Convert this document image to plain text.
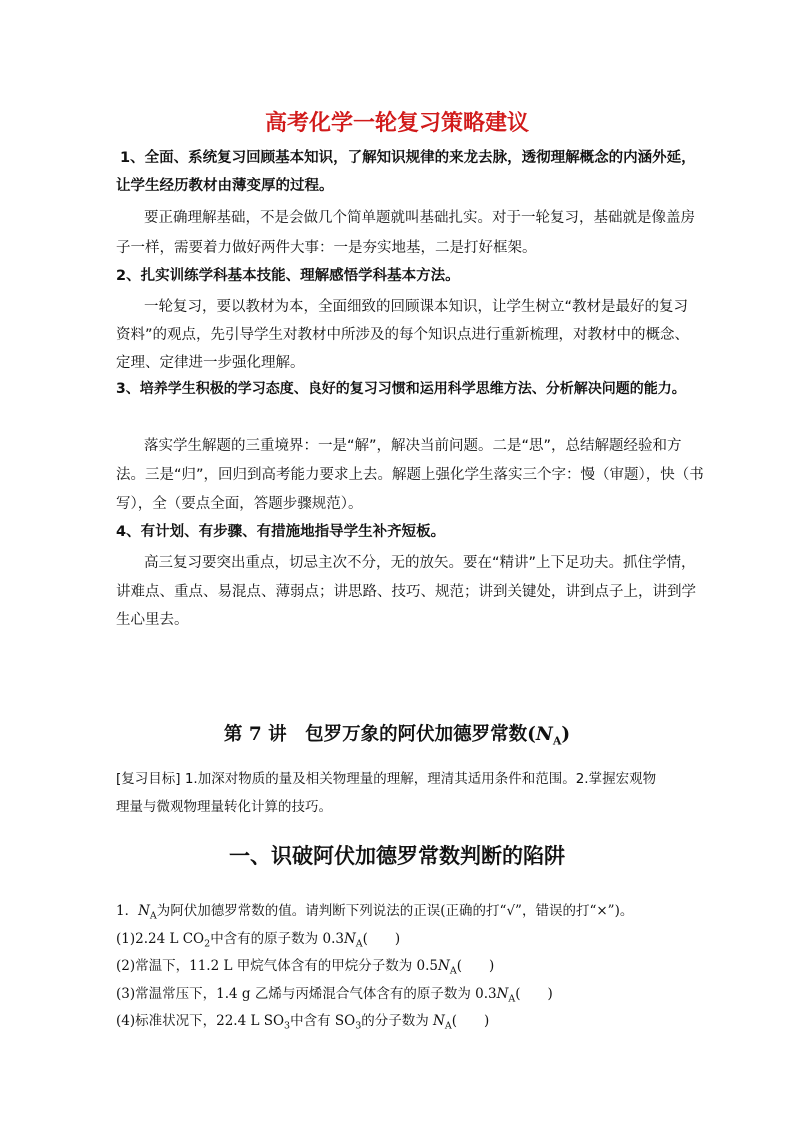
高考化学一轮复习策略建议
1、全面、系统复习回顾基本知识，了解知识规律的来龙去脉，透彻理解概念的内涵外延，
让学生经历教材由薄变厚的过程。
要正确理解基础，不是会做几个简单题就叫基础扎实。对于一轮复习，基础就是像盖房
子一样，需要着力做好两件大事：一是夯实地基，二是打好框架。
2、扎实训练学科基本技能、理解感悟学科基本方法。
一轮复习，要以教材为本，全面细致的回顾课本知识，让学生树立“教材是最好的复习
资料”的观点，先引导学生对教材中所涉及的每个知识点进行重新梳理，对教材中的概念、
定理、定律进一步强化理解。
3、培养学生积极的学习态度、良好的复习习惯和运用科学思维方法、分析解决问题的能力。
落实学生解题的三重境界：一是“解”，解决当前问题。二是“思”，总结解题经验和方
法。三是“归”，回归到高考能力要求上去。解题上强化学生落实三个字：慢（审题），快（书
写），全（要点全面，答题步骤规范）。
4、有计划、有步骤、有措施地指导学生补齐短板。
高三复习要突出重点，切忌主次不分，无的放矢。要在“精讲”上下足功夫。抓住学情，
讲难点、重点、易混点、薄弱点；讲思路、技巧、规范；讲到关键处，讲到点子上，讲到学
生心里去。
第 7 讲　包罗万象的阿伏加德罗常数$(N_A)$
[复习目标] 1.加深对物质的量及相关物理量的理解，理清其适用条件和范围。2.掌握宏观物
理量与微观物理量转化计算的技巧。
一、识破阿伏加德罗常数判断的陷阱
1．$N_A$为阿伏加德罗常数的值。请判断下列说法的正误(正确的打“√”，错误的打“×”)。
(1)2.24 L $CO_2$中含有的原子数为 $0.3N_A$(　　)
(2)常温下，11.2 L 甲烷气体含有的甲烷分子数为 $0.5N_A$(　　)
(3)常温常压下，1.4 g 乙烯与丙烯混合气体含有的原子数为 $0.3N_A$(　　)
(4)标准状况下，22.4 L $SO_3$中含有 $SO_3$的分子数为 $N_A$(　　)
